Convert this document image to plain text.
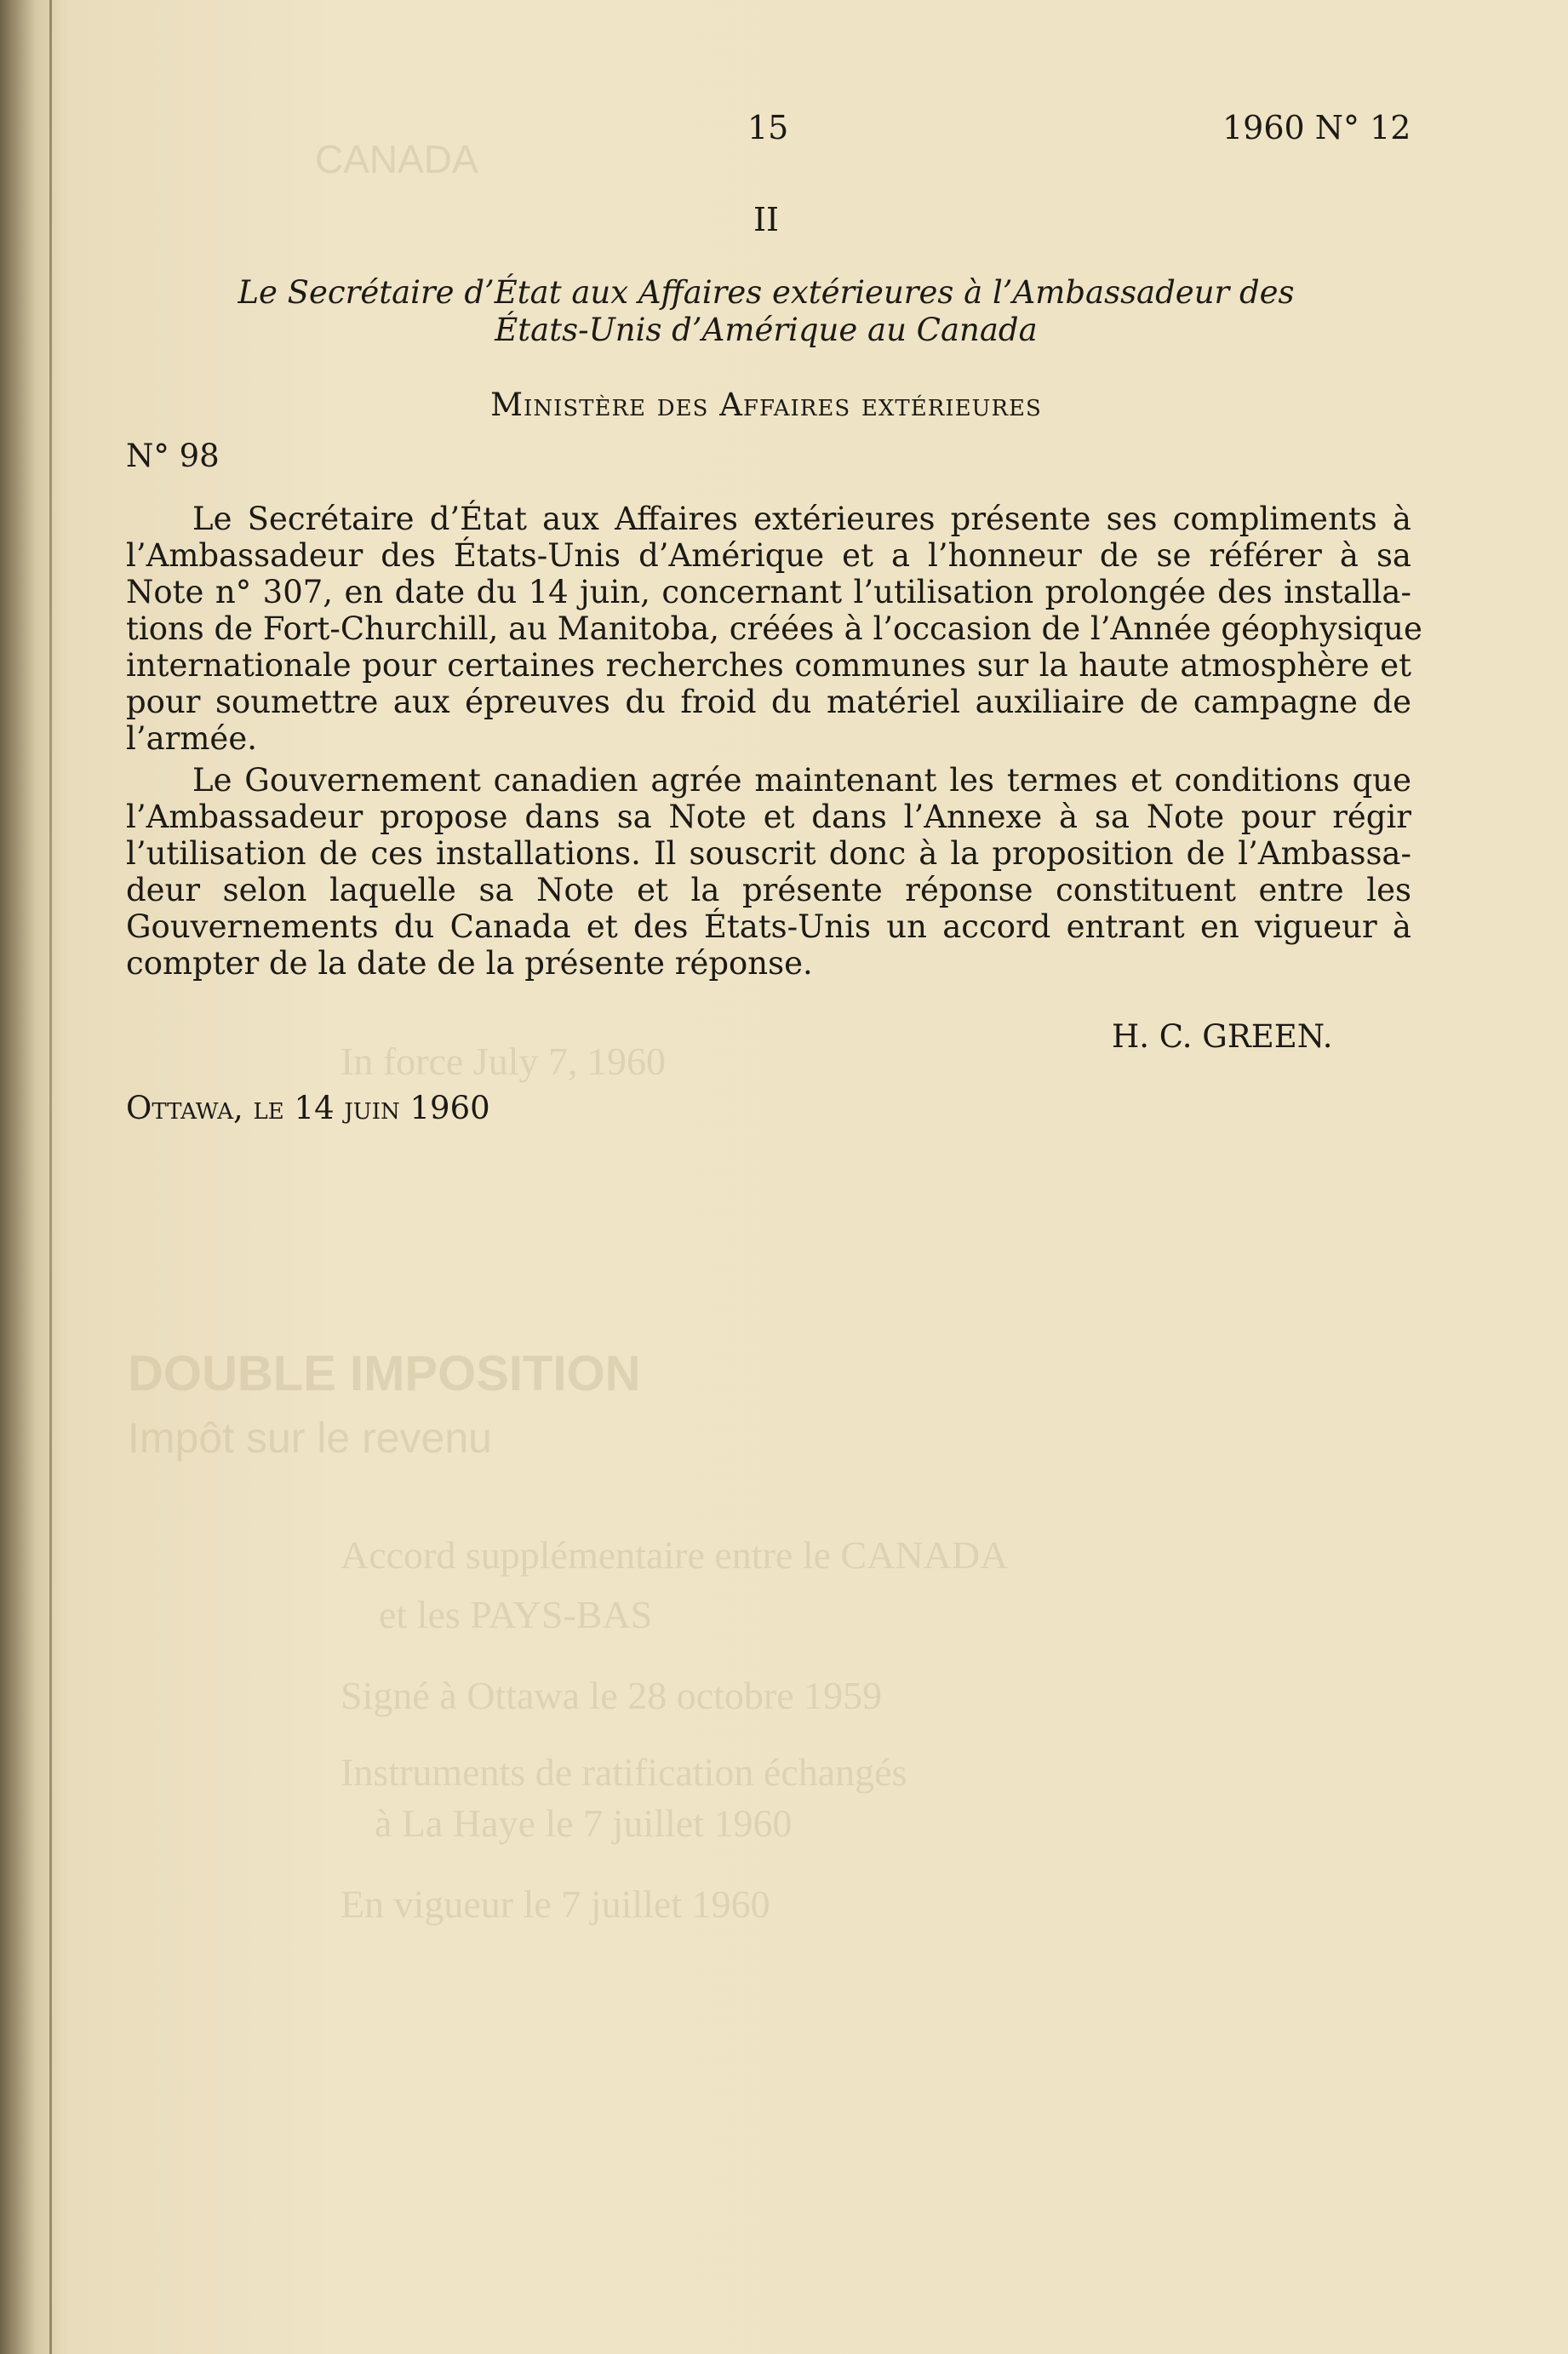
CANADA
In force July 7, 1960
DOUBLE IMPOSITION
Impôt sur le revenu
Accord supplémentaire entre le CANADA
et les PAYS-BAS
Signé à Ottawa le 28 octobre 1959
Instruments de ratification échangés
à La Haye le 7 juillet 1960
En vigueur le 7 juillet 1960
15	1960 N° 12
II
Le Secrétaire d’État aux Affaires extérieures à l’Ambassadeur des
États-Unis d’Amérique au Canada
Ministère des Affaires extérieures
N° 98
Le Secrétaire d’État aux Affaires extérieures présente ses compliments à
l’Ambassadeur des États-Unis d’Amérique et a l’honneur de se référer à sa
Note n° 307, en date du 14 juin, concernant l’utilisation prolongée des installa-
tions de Fort-Churchill, au Manitoba, créées à l’occasion de l’Année géophysique
internationale pour certaines recherches communes sur la haute atmosphère et
pour soumettre aux épreuves du froid du matériel auxiliaire de campagne de
l’armée.
Le Gouvernement canadien agrée maintenant les termes et conditions que
l’Ambassadeur propose dans sa Note et dans l’Annexe à sa Note pour régir
l’utilisation de ces installations. Il souscrit donc à la proposition de l’Ambassa-
deur selon laquelle sa Note et la présente réponse constituent entre les
Gouvernements du Canada et des États-Unis un accord entrant en vigueur à
compter de la date de la présente réponse.
H. C. GREEN.
Ottawa, le 14 juin 1960
